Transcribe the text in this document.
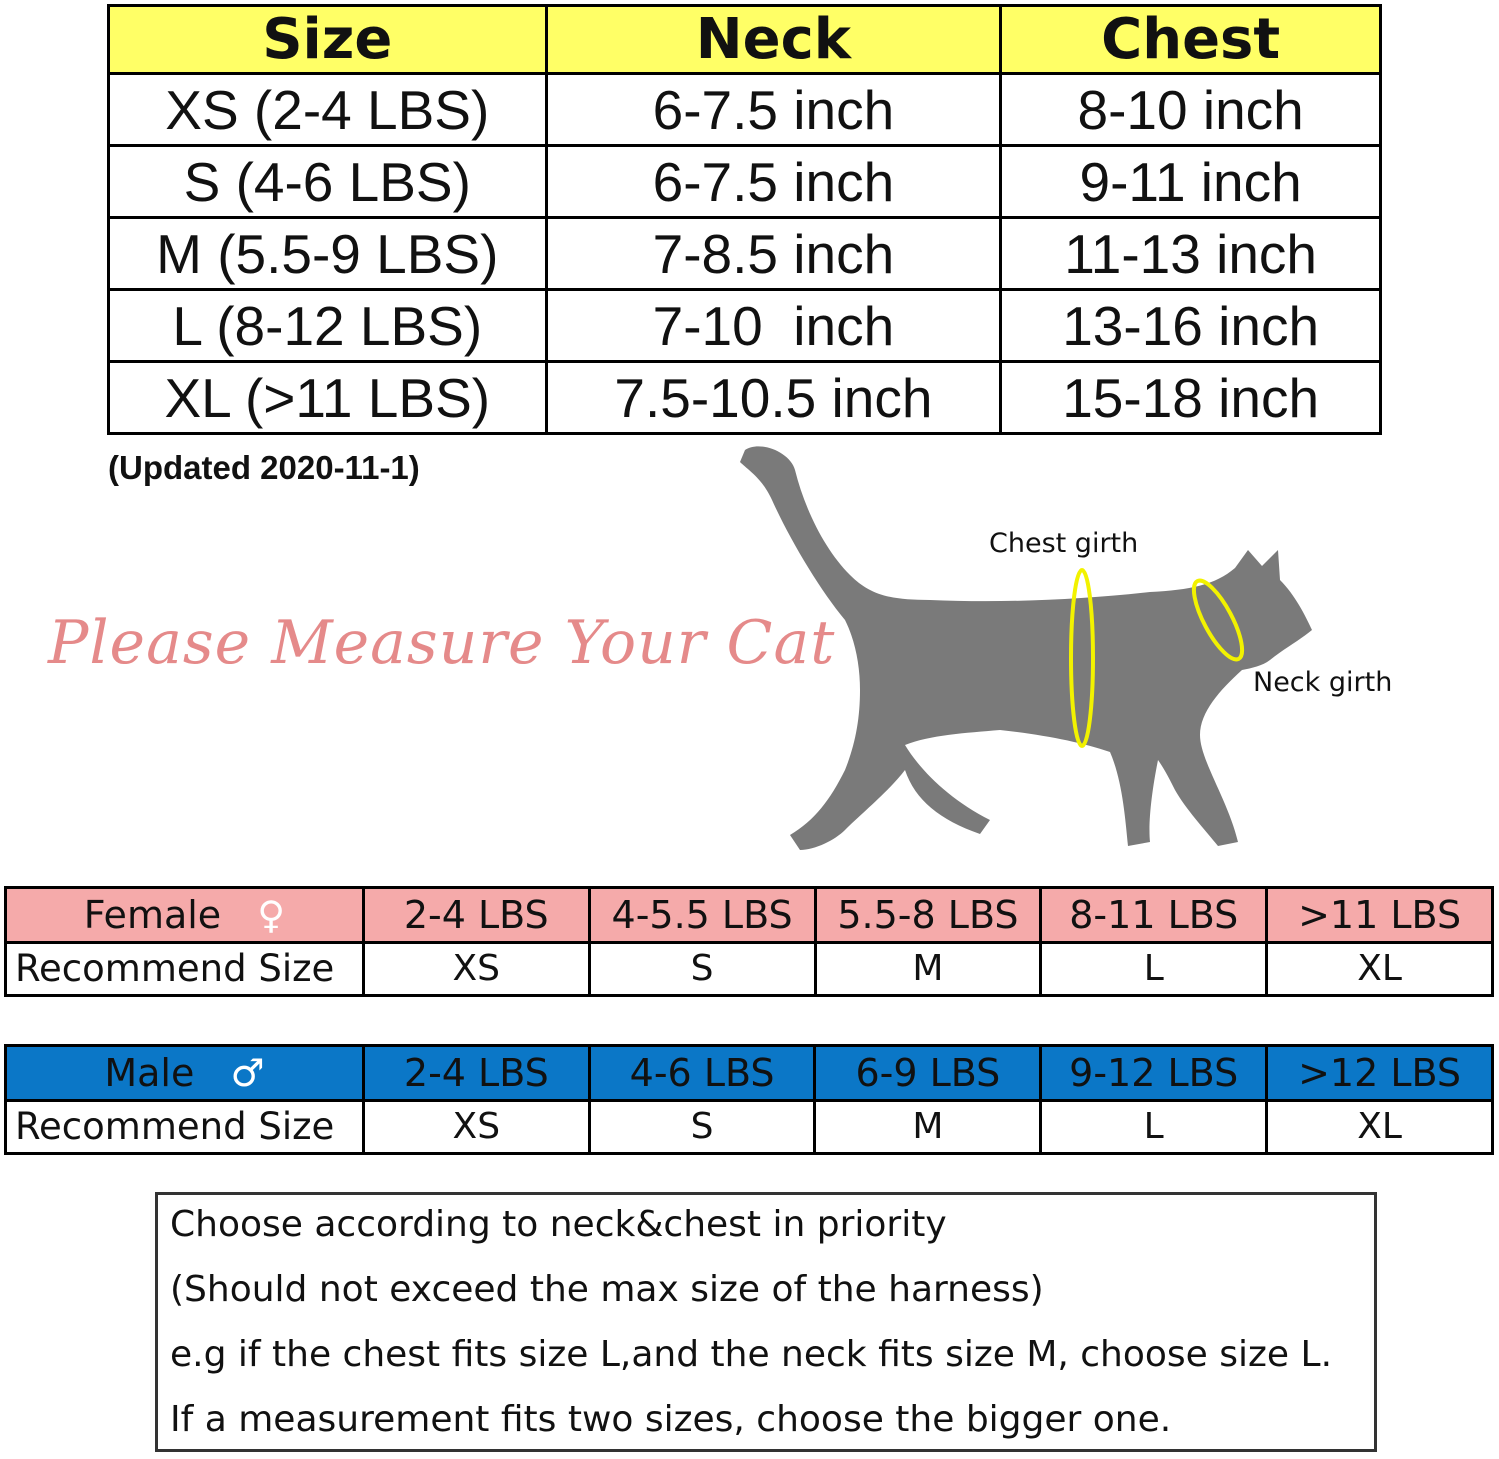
Size	Neck	Chest
XS (2-4 LBS)	6-7.5 inch	8-10 inch
S (4-6 LBS)	6-7.5 inch	9-11 inch
M (5.5-9 LBS)	7-8.5 inch	11-13 inch
L (8-12 LBS)	7-10  inch	13-16 inch
XL (>11 LBS)	7.5-10.5 inch	15-18 inch
(Updated 2020-11-1)
Please Measure Your Cat
Chest girth
Neck girth
Female ♀	2-4 LBS	4-5.5 LBS	5.5-8 LBS	8-11 LBS	>11 LBS
Recommend Size	XS	S	M	L	XL
Male ♂	2-4 LBS	4-6 LBS	6-9 LBS	9-12 LBS	>12 LBS
Recommend Size	XS	S	M	L	XL
Choose according to neck&chest in priority
(Should not exceed the max size of the harness)
e.g if the chest fits size L,and the neck fits size M, choose size L.
If a measurement fits two sizes, choose the bigger one.
